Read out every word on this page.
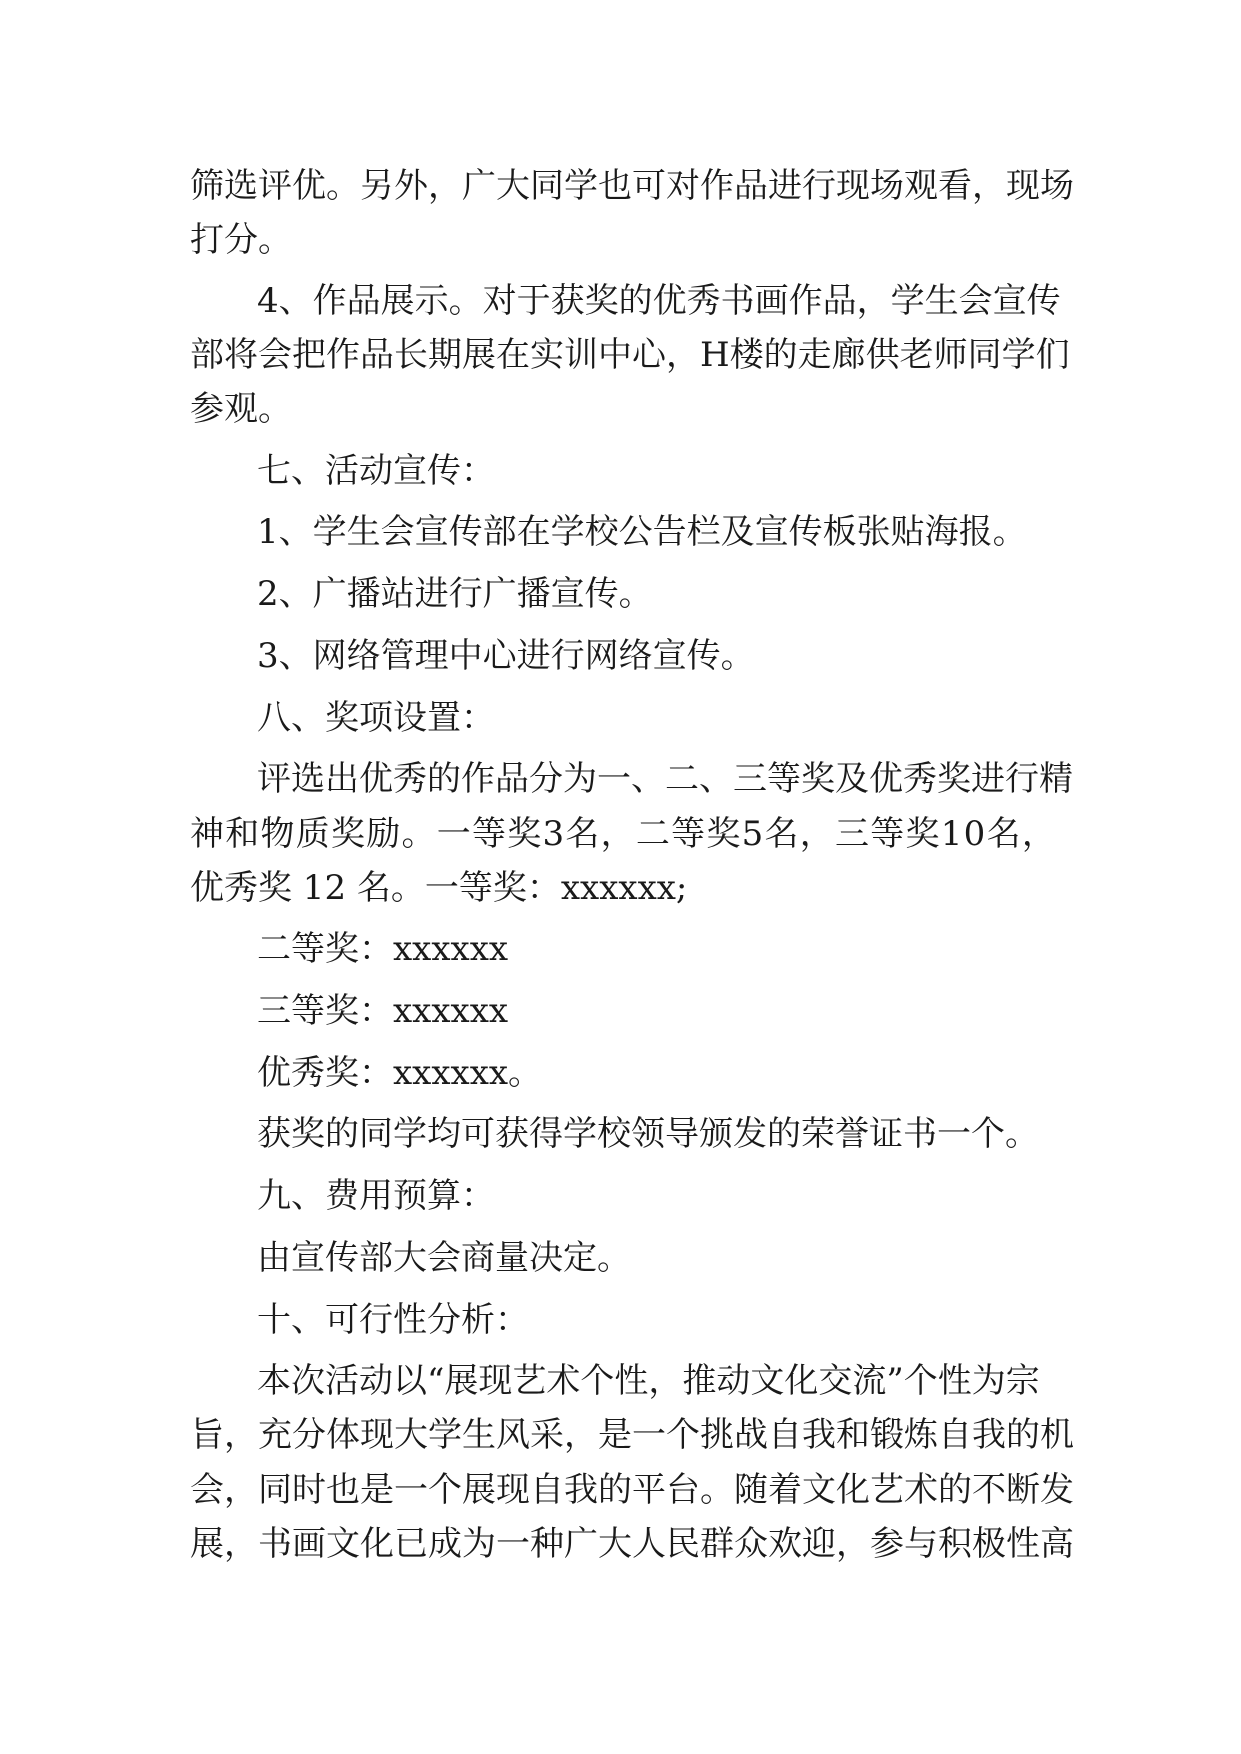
筛 选 评 优 。 另 外 ， 广 大 同 学 也 可 对 作 品 进 行 现 场 观 看 ， 现 场
打分。
4、作品展示。对于获奖的优秀书画作品，学生会宣传
部 将 会 把 作 品 长 期 展 在 实 训 中 心 ， H 楼 的 走 廊 供 老 师 同 学 们
参观。
七、活动宣传：
1、学生会宣传部在学校公告栏及宣传板张贴海报。
2、广播站进行广播宣传。
3、网络管理中心进行网络宣传。
八、奖项设置：
评选出优秀的作品分为一、二、三等奖及优秀奖进行精
神 和 物 质 奖 励 。 一 等 奖 3 名 ， 二 等 奖 5 名 ， 三 等 奖 1 0 名 ，
优秀奖 12 名。一等奖：xxxxxx;
二等奖：xxxxxx
三等奖：xxxxxx
优秀奖：xxxxxx。
获奖的同学均可获得学校领导颁发的荣誉证书一个。
九、费用预算：
由宣传部大会商量决定。
十、可行性分析：
本次活动以“展现艺术个性，推动文化交流”个性为宗
旨 ， 充 分 体 现 大 学 生 风 采 ， 是 一 个 挑 战 自 我 和 锻 炼 自 我 的 机
会 ， 同 时 也 是 一 个 展 现 自 我 的 平 台 。 随 着 文 化 艺 术 的 不 断 发
展 ， 书 画 文 化 已 成 为 一 种 广 大 人 民 群 众 欢 迎 ， 参 与 积 极 性 高
